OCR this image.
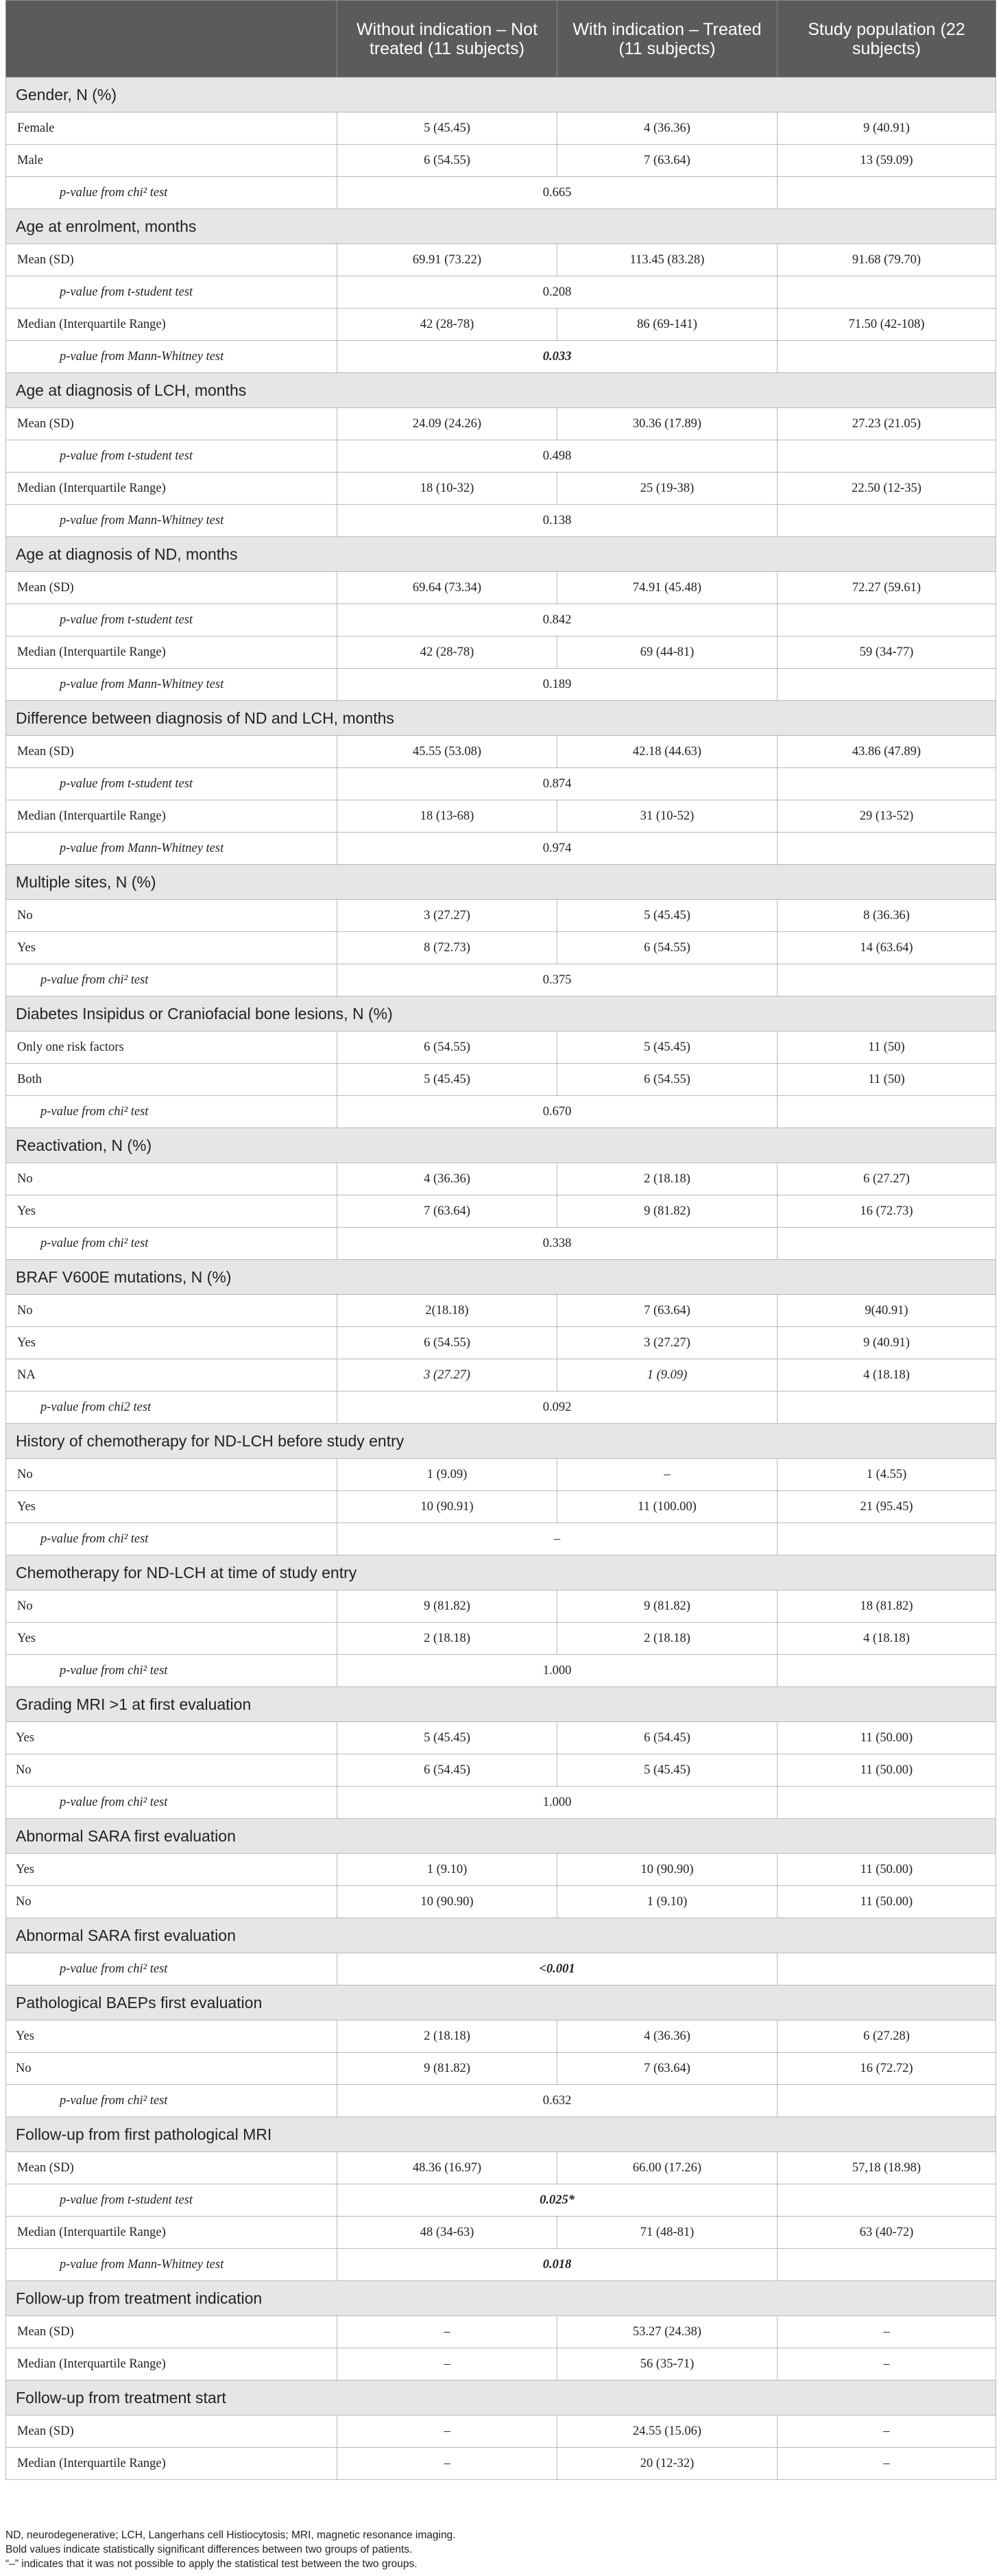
	Without indication – Not treated (11 subjects)	With indication – Treated (11 subjects)	Study population (22 subjects)
Gender, N (%)			
Female	5 (45.45)	4 (36.36)	9 (40.91)
Male	6 (54.55)	7 (63.64)	13 (59.09)
p-value from chi² test	0.665		
Age at enrolment, months			
Mean (SD)	69.91 (73.22)	113.45 (83.28)	91.68 (79.70)
p-value from t-student test	0.208		
Median (Interquartile Range)	42 (28-78)	86 (69-141)	71.50 (42-108)
p-value from Mann-Whitney test	0.033		
Age at diagnosis of LCH, months			
Mean (SD)	24.09 (24.26)	30.36 (17.89)	27.23 (21.05)
p-value from t-student test	0.498		
Median (Interquartile Range)	18 (10-32)	25 (19-38)	22.50 (12-35)
p-value from Mann-Whitney test	0.138		
Age at diagnosis of ND, months			
Mean (SD)	69.64 (73.34)	74.91 (45.48)	72.27 (59.61)
p-value from t-student test	0.842		
Median (Interquartile Range)	42 (28-78)	69 (44-81)	59 (34-77)
p-value from Mann-Whitney test	0.189		
Difference between diagnosis of ND and LCH, months			
Mean (SD)	45.55 (53.08)	42.18 (44.63)	43.86 (47.89)
p-value from t-student test	0.874		
Median (Interquartile Range)	18 (13-68)	31 (10-52)	29 (13-52)
p-value from Mann-Whitney test	0.974		
Multiple sites, N (%)			
No	3 (27.27)	5 (45.45)	8 (36.36)
Yes	8 (72.73)	6 (54.55)	14 (63.64)
p-value from chi² test	0.375		
Diabetes Insipidus or Craniofacial bone lesions, N (%)			
Only one risk factors	6 (54.55)	5 (45.45)	11 (50)
Both	5 (45.45)	6 (54.55)	11 (50)
p-value from chi² test	0.670		
Reactivation, N (%)			
No	4 (36.36)	2 (18.18)	6 (27.27)
Yes	7 (63.64)	9 (81.82)	16 (72.73)
p-value from chi² test	0.338		
BRAF V600E mutations, N (%)			
No	2(18.18)	7 (63.64)	9(40.91)
Yes	6 (54.55)	3 (27.27)	9 (40.91)
NA	3 (27.27)	1 (9.09)	4 (18.18)
p-value from chi2 test	0.092		
History of chemotherapy for ND-LCH before study entry			
No	1 (9.09)	–	1 (4.55)
Yes	10 (90.91)	11 (100.00)	21 (95.45)
p-value from chi² test	–		
Chemotherapy for ND-LCH at time of study entry			
No	9 (81.82)	9 (81.82)	18 (81.82)
Yes	2 (18.18)	2 (18.18)	4 (18.18)
p-value from chi² test	1.000		
Grading MRI >1 at first evaluation			
Yes	5 (45.45)	6 (54.45)	11 (50.00)
No	6 (54.45)	5 (45.45)	11 (50.00)
p-value from chi² test	1.000		
Abnormal SARA first evaluation			
Yes	1 (9.10)	10 (90.90)	11 (50.00)
No	10 (90.90)	1 (9.10)	11 (50.00)
Abnormal SARA first evaluation			
p-value from chi² test	<0.001		
Pathological BAEPs first evaluation			
Yes	2 (18.18)	4 (36.36)	6 (27.28)
No	9 (81.82)	7 (63.64)	16 (72.72)
p-value from chi² test	0.632		
Follow-up from first pathological MRI			
Mean (SD)	48.36 (16.97)	66.00 (17.26)	57,18 (18.98)
p-value from t-student test	0.025*		
Median (Interquartile Range)	48 (34-63)	71 (48-81)	63 (40-72)
p-value from Mann-Whitney test	0.018		
Follow-up from treatment indication			
Mean (SD)	–	53.27 (24.38)	–
Median (Interquartile Range)	–	56 (35-71)	–
Follow-up from treatment start			
Mean (SD)	–	24.55 (15.06)	–
Median (Interquartile Range)	–	20 (12-32)	–
ND, neurodegenerative; LCH, Langerhans cell Histiocytosis; MRI, magnetic resonance imaging.
Bold values indicate statistically significant differences between two groups of patients.
“–” indicates that it was not possible to apply the statistical test between the two groups.
